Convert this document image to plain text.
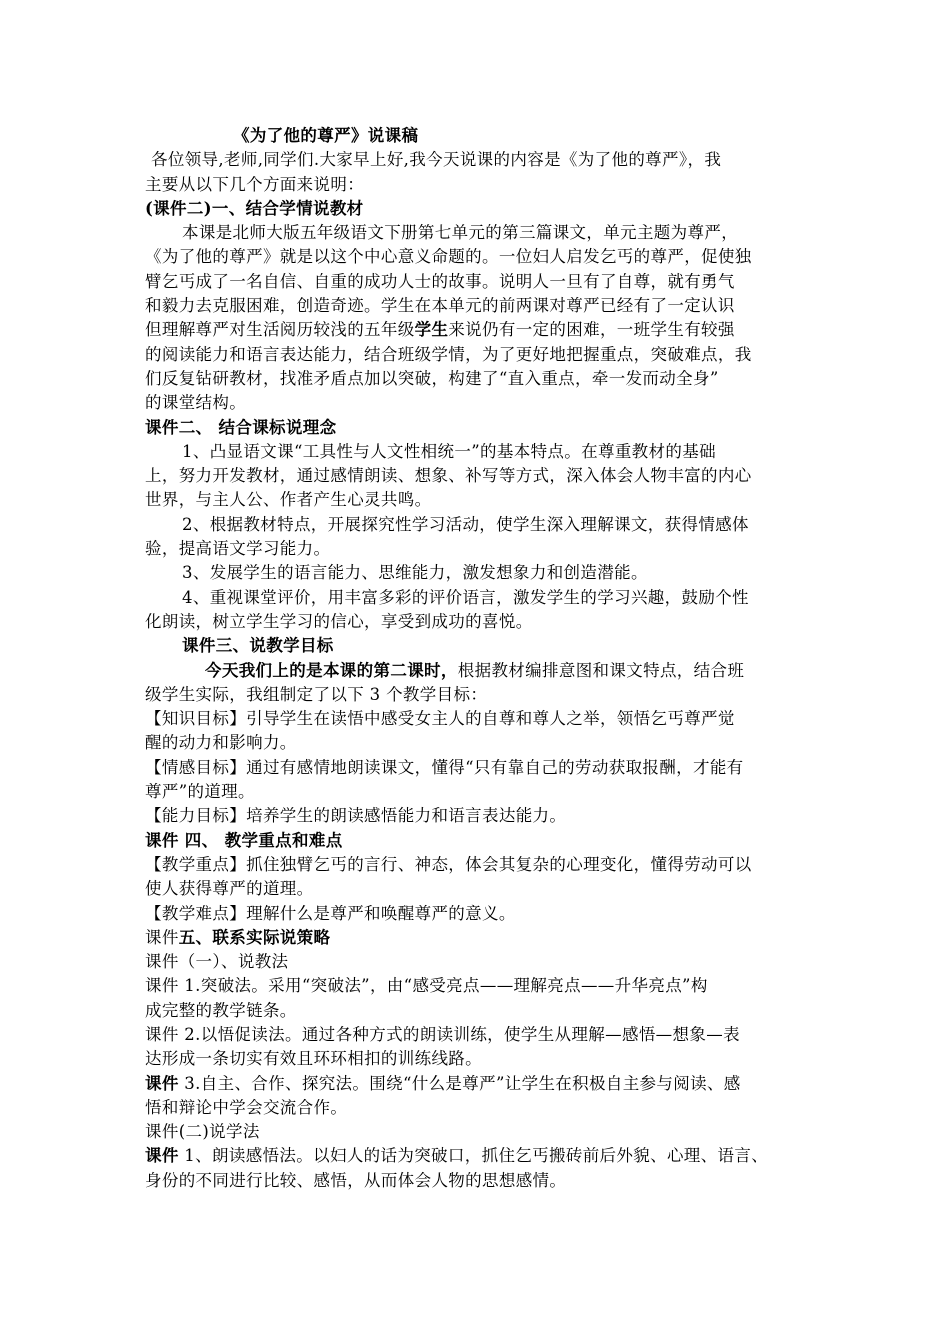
《为了他的尊严》说课稿
各位领导,老师,同学们.大家早上好,我今天说课的内容是《为了他的尊严》，我
主要从以下几个方面来说明：
(课件二)一、结合学情说教材
本课是北师大版五年级语文下册第七单元的第三篇课文，单元主题为尊严，
《为了他的尊严》就是以这个中心意义命题的。一位妇人启发乞丐的尊严，促使独
臂乞丐成了一名自信、自重的成功人士的故事。说明人一旦有了自尊，就有勇气
和毅力去克服困难，创造奇迹。学生在本单元的前两课对尊严已经有了一定认识
但理解尊严对生活阅历较浅的五年级学生来说仍有一定的困难，一班学生有较强
的阅读能力和语言表达能力，结合班级学情，为了更好地把握重点，突破难点，我
们反复钻研教材，找准矛盾点加以突破，构建了“直入重点，牵一发而动全身”
的课堂结构。
课件二、 结合课标说理念
1、凸显语文课“工具性与人文性相统一”的基本特点。在尊重教材的基础
上，努力开发教材，通过感情朗读、想象、补写等方式，深入体会人物丰富的内心
世界，与主人公、作者产生心灵共鸣。
2、根据教材特点，开展探究性学习活动，使学生深入理解课文，获得情感体
验，提高语文学习能力。
3、发展学生的语言能力、思维能力，激发想象力和创造潜能。
4、重视课堂评价，用丰富多彩的评价语言，激发学生的学习兴趣，鼓励个性
化朗读，树立学生学习的信心，享受到成功的喜悦。
课件三、说教学目标
今天我们上的是本课的第二课时，根据教材编排意图和课文特点，结合班
级学生实际，我组制定了以下 3 个教学目标：
【知识目标】引导学生在读悟中感受女主人的自尊和尊人之举，领悟乞丐尊严觉
醒的动力和影响力。
【情感目标】通过有感情地朗读课文，懂得“只有靠自己的劳动获取报酬，才能有
尊严”的道理。
【能力目标】培养学生的朗读感悟能力和语言表达能力。
课件 四、 教学重点和难点
【教学重点】抓住独臂乞丐的言行、神态，体会其复杂的心理变化，懂得劳动可以
使人获得尊严的道理。
【教学难点】理解什么是尊严和唤醒尊严的意义。
课件五、联系实际说策略
课件（一）、说教法
课件 1.突破法。采用“突破法”，由“感受亮点——理解亮点——升华亮点”构
成完整的教学链条。
课件 2.以悟促读法。通过各种方式的朗读训练，使学生从理解—感悟—想象—表
达形成一条切实有效且环环相扣的训练线路。
课件 3.自主、合作、探究法。围绕“什么是尊严”让学生在积极自主参与阅读、感
悟和辩论中学会交流合作。
课件(二)说学法
课件 1、朗读感悟法。以妇人的话为突破口，抓住乞丐搬砖前后外貌、心理、语言、
身份的不同进行比较、感悟，从而体会人物的思想感情。
